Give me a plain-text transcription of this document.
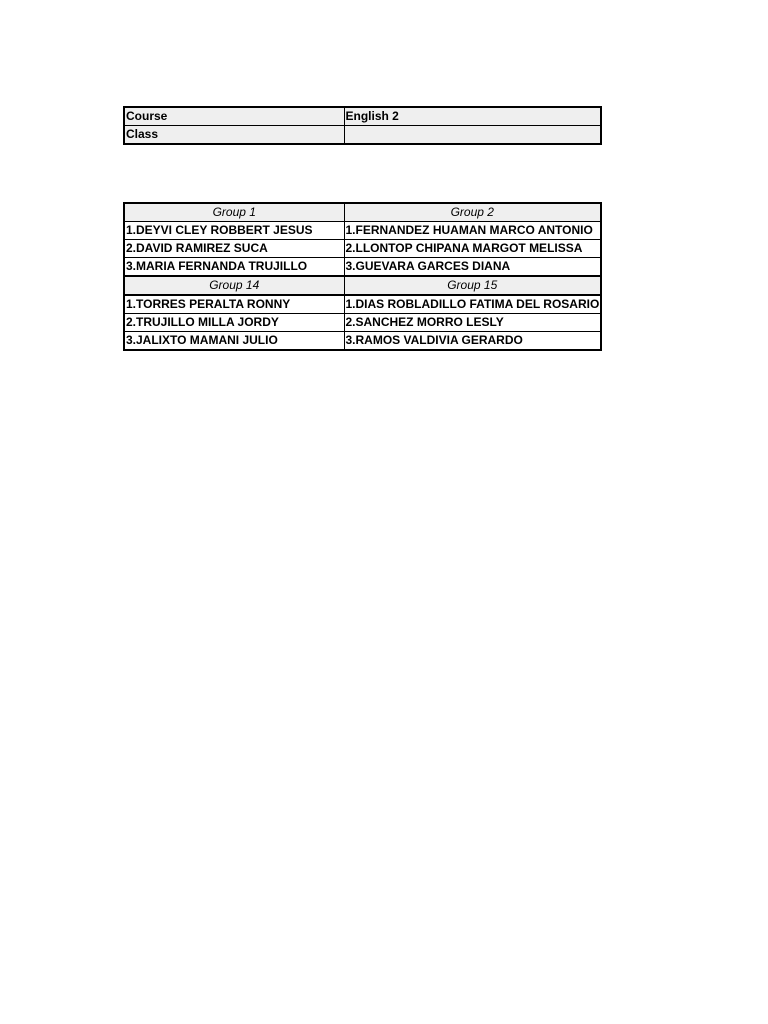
Course	English 2
Class	
Group 1	Group 2
1.DEYVI CLEY ROBBERT JESUS	1.FERNANDEZ HUAMAN MARCO ANTONIO
2.DAVID RAMIREZ SUCA	2.LLONTOP CHIPANA MARGOT MELISSA
3.MARIA FERNANDA TRUJILLO	3.GUEVARA GARCES DIANA
Group 14	Group 15
1.TORRES PERALTA RONNY	1.DIAS ROBLADILLO FATIMA DEL ROSARIO
2.TRUJILLO MILLA JORDY	2.SANCHEZ MORRO LESLY
3.JALIXTO MAMANI JULIO	3.RAMOS VALDIVIA GERARDO
